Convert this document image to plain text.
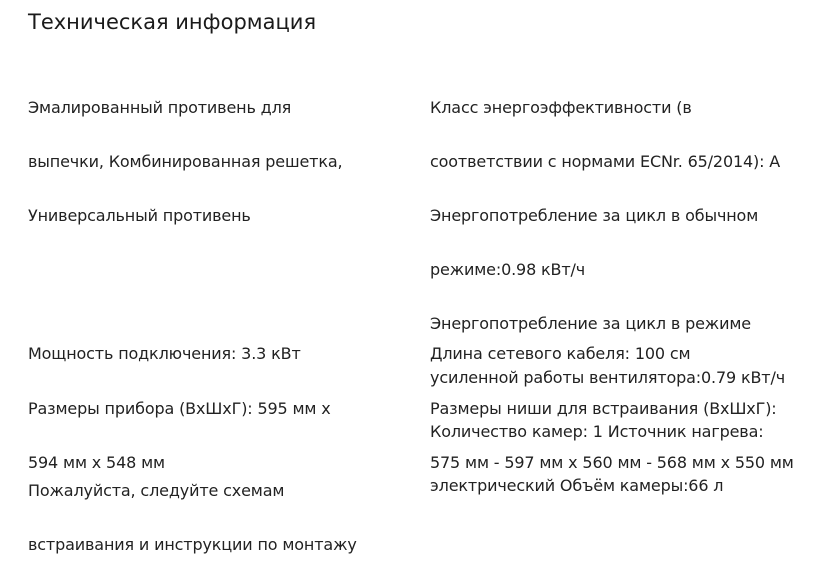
Техническая информация

Эмалированный противень для

выпечки, Комбинированная решетка,

Универсальный противень

Мощность подключения: 3.3 кВт

Размеры прибора (ВхШхГ): 595 мм х

594 мм х 548 мм

Пожалуйста, следуйте схемам

встраивания и инструкции по монтажу

Класс энергоэффективности (в

соответствии с нормами ECNr. 65/2014): A

Энергопотребление за цикл в обычном

режиме:0.98 кВт/ч

Энергопотребление за цикл в режиме

усиленной работы вентилятора:0.79 кВт/ч

Количество камер: 1 Источник нагрева:

электрический Объём камеры:66 л

Длина сетевого кабеля: 100 см

Размеры ниши для встраивания (ВхШхГ):

575 мм - 597 мм х 560 мм - 568 мм х 550 мм
